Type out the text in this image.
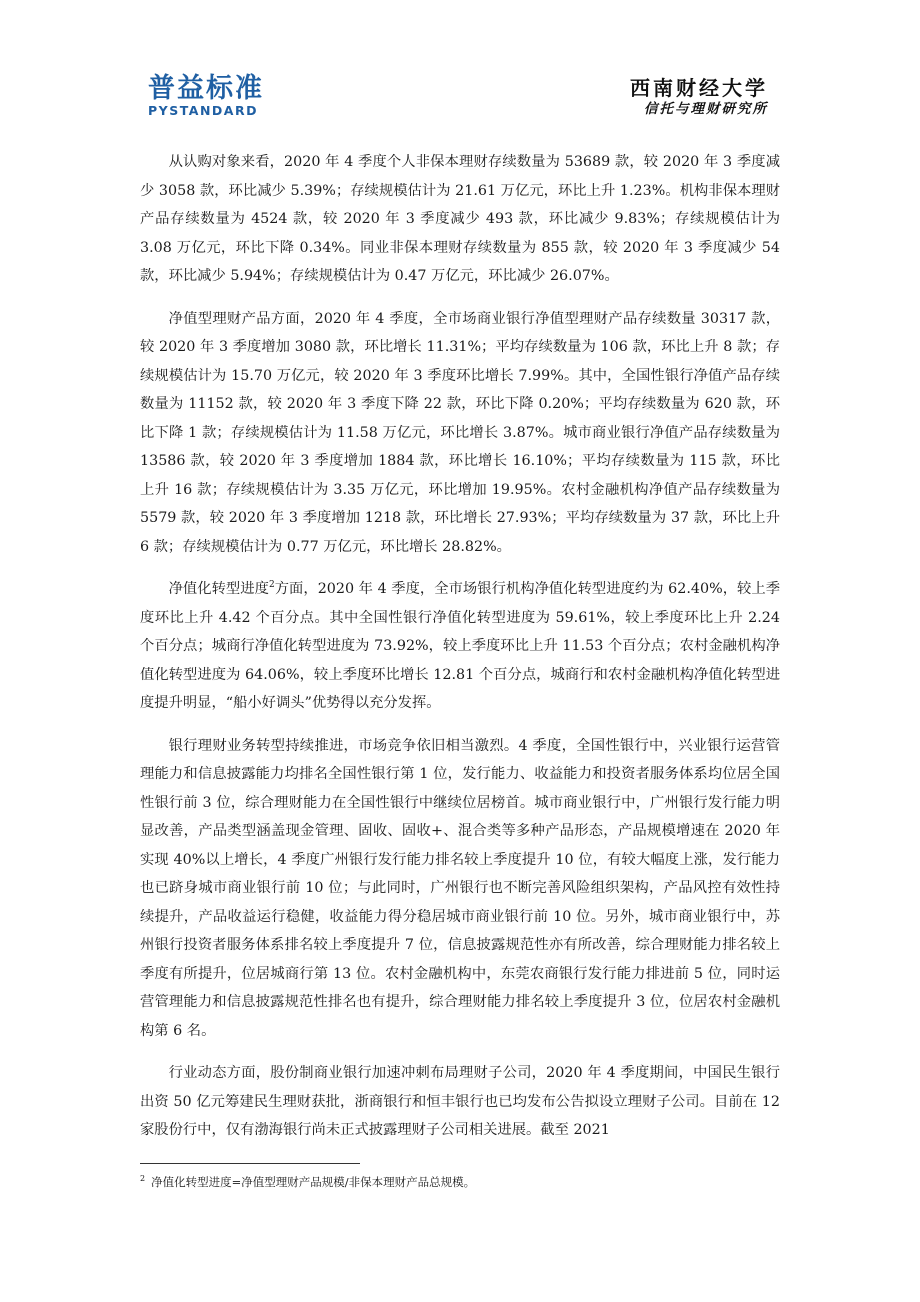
普益标准
PYSTANDARD
西南财经大学
信托与理财研究所

从认购对象来看，2020 年 4 季度个人非保本理财存续数量为 53689 款，较 2020 年 3 季度减少 3058 款，环比减少 5.39%；存续规模估计为 21.61 万亿元，环比上升 1.23%。机构非保本理财产品存续数量为 4524 款，较 2020 年 3 季度减少 493 款，环比减少 9.83%；存续规模估计为 3.08 万亿元，环比下降 0.34%。同业非保本理财存续数量为 855 款，较 2020 年 3 季度减少 54 款，环比减少 5.94%；存续规模估计为 0.47 万亿元，环比减少 26.07%。

净值型理财产品方面，2020 年 4 季度，全市场商业银行净值型理财产品存续数量 30317 款，较 2020 年 3 季度增加 3080 款，环比增长 11.31%；平均存续数量为 106 款，环比上升 8 款；存续规模估计为 15.70 万亿元，较 2020 年 3 季度环比增长 7.99%。其中，全国性银行净值产品存续数量为 11152 款，较 2020 年 3 季度下降 22 款，环比下降 0.20%；平均存续数量为 620 款，环比下降 1 款；存续规模估计为 11.58 万亿元，环比增长 3.87%。城市商业银行净值产品存续数量为 13586 款，较 2020 年 3 季度增加 1884 款，环比增长 16.10%；平均存续数量为 115 款，环比上升 16 款；存续规模估计为 3.35 万亿元，环比增加 19.95%。农村金融机构净值产品存续数量为 5579 款，较 2020 年 3 季度增加 1218 款，环比增长 27.93%；平均存续数量为 37 款，环比上升 6 款；存续规模估计为 0.77 万亿元，环比增长 28.82%。

净值化转型进度$^2$方面，2020 年 4 季度，全市场银行机构净值化转型进度约为 62.40%，较上季度环比上升 4.42 个百分点。其中全国性银行净值化转型进度为 59.61%，较上季度环比上升 2.24 个百分点；城商行净值化转型进度为 73.92%，较上季度环比上升 11.53 个百分点；农村金融机构净值化转型进度为 64.06%，较上季度环比增长 12.81 个百分点，城商行和农村金融机构净值化转型进度提升明显，“船小好调头”优势得以充分发挥。

银行理财业务转型持续推进，市场竞争依旧相当激烈。4 季度，全国性银行中，兴业银行运营管理能力和信息披露能力均排名全国性银行第 1 位，发行能力、收益能力和投资者服务体系均位居全国性银行前 3 位，综合理财能力在全国性银行中继续位居榜首。城市商业银行中，广州银行发行能力明显改善，产品类型涵盖现金管理、固收、固收+、混合类等多种产品形态，产品规模增速在 2020 年实现 40%以上增长，4 季度广州银行发行能力排名较上季度提升 10 位，有较大幅度上涨，发行能力也已跻身城市商业银行前 10 位；与此同时，广州银行也不断完善风险组织架构，产品风控有效性持续提升，产品收益运行稳健，收益能力得分稳居城市商业银行前 10 位。另外，城市商业银行中，苏州银行投资者服务体系排名较上季度提升 7 位，信息披露规范性亦有所改善，综合理财能力排名较上季度有所提升，位居城商行第 13 位。农村金融机构中，东莞农商银行发行能力排进前 5 位，同时运营管理能力和信息披露规范性排名也有提升，综合理财能力排名较上季度提升 3 位，位居农村金融机构第 6 名。

行业动态方面，股份制商业银行加速冲刺布局理财子公司，2020 年 4 季度期间，中国民生银行出资 50 亿元筹建民生理财获批，浙商银行和恒丰银行也已均发布公告拟设立理财子公司。目前在 12 家股份行中，仅有渤海银行尚未正式披露理财子公司相关进展。截至 2021

$^2$ 净值化转型进度=净值型理财产品规模/非保本理财产品总规模。
